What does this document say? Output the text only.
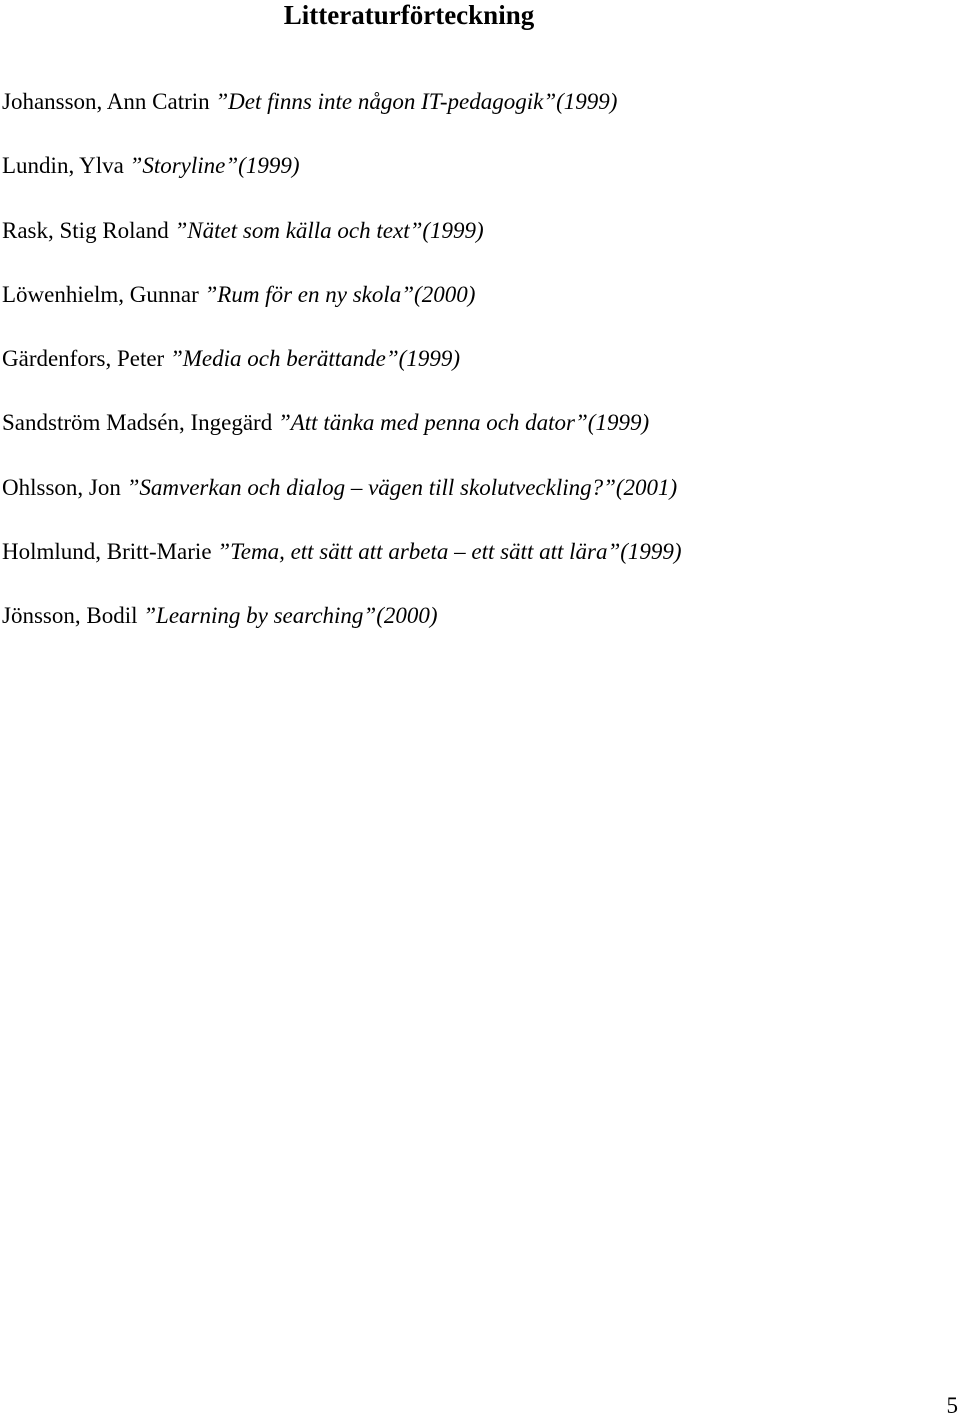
Litteraturförteckning
Johansson, Ann Catrin ”Det finns inte någon IT-pedagogik”(1999)
Lundin, Ylva ”Storyline”(1999)
Rask, Stig Roland ”Nätet som källa och text”(1999)
Löwenhielm, Gunnar ”Rum för en ny skola”(2000)
Gärdenfors, Peter ”Media och berättande”(1999)
Sandström Madsén, Ingegärd ”Att tänka med penna och dator”(1999)
Ohlsson, Jon ”Samverkan och dialog – vägen till skolutveckling?”(2001)
Holmlund, Britt-Marie ”Tema, ett sätt att arbeta – ett sätt att lära”(1999)
Jönsson, Bodil ”Learning by searching”(2000)
5
